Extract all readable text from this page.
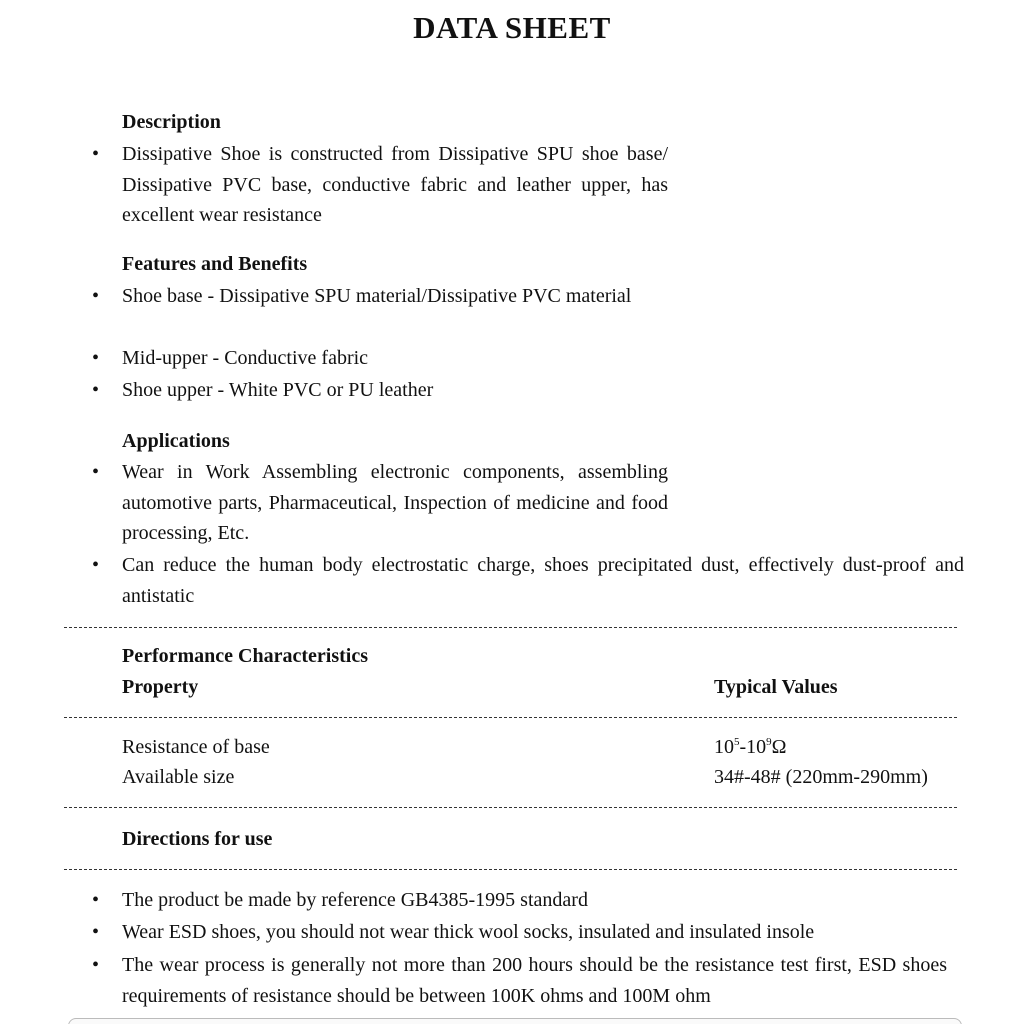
DATA SHEET
Description
• Dissipative Shoe is constructed from Dissipative SPU shoe base/ Dissipative PVC base, conductive fabric and leather upper, has excellent wear resistance
Features and Benefits
• Shoe base - Dissipative SPU material/Dissipative PVC material
• Mid-upper - Conductive fabric
• Shoe upper - White PVC or PU leather
Applications
• Wear in Work Assembling electronic components, assembling automotive parts, Pharmaceutical, Inspection of medicine and food processing, Etc.
• Can reduce the human body electrostatic charge, shoes precipitated dust, effectively dust-proof and antistatic
Performance Characteristics
Property	Typical Values
Resistance of base	$10^5-10^9\Omega$
Available size	34#-48# (220mm-290mm)
Directions for use
• The product be made by reference GB4385-1995 standard
• Wear ESD shoes, you should not wear thick wool socks, insulated and insulated insole
• The wear process is generally not more than 200 hours should be the resistance test first, ESD shoes requirements of resistance should be between 100K ohms and 100M ohm
